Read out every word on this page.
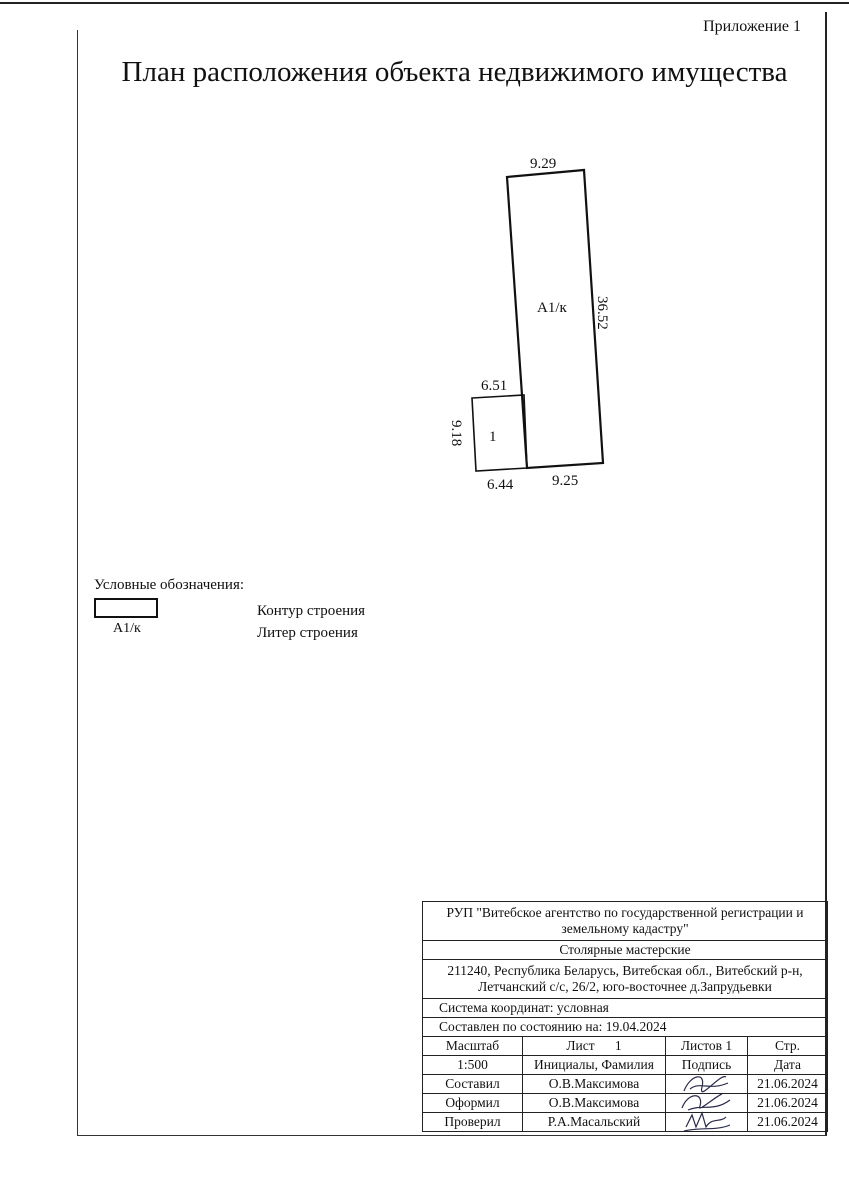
Приложение 1
План расположения объекта недвижимого имущества
9.29
А1/к 36.52
9.25
6.51
9.18 1
6.44
Условные обозначения:
А1/к
Контур строения
Литер строения
РУП "Витебское агентство по государственной регистрации и земельному кадастру"			
Столярные мастерские			
211240, Республика Беларусь, Витебская обл., Витебский р-н, Летчанский с/с, 26/2, юго-восточнее д.Запрудьевки			
Система координат: условная			
Составлен по состоянию на: 19.04.2024			
Масштаб	Лист 1	Листов 1	Стр.
1:500	Инициалы, Фамилия	Подпись	Дата
Составил	О.В.Максимова		21.06.2024
Оформил	О.В.Максимова		21.06.2024
Проверил	Р.А.Масальский		21.06.2024
